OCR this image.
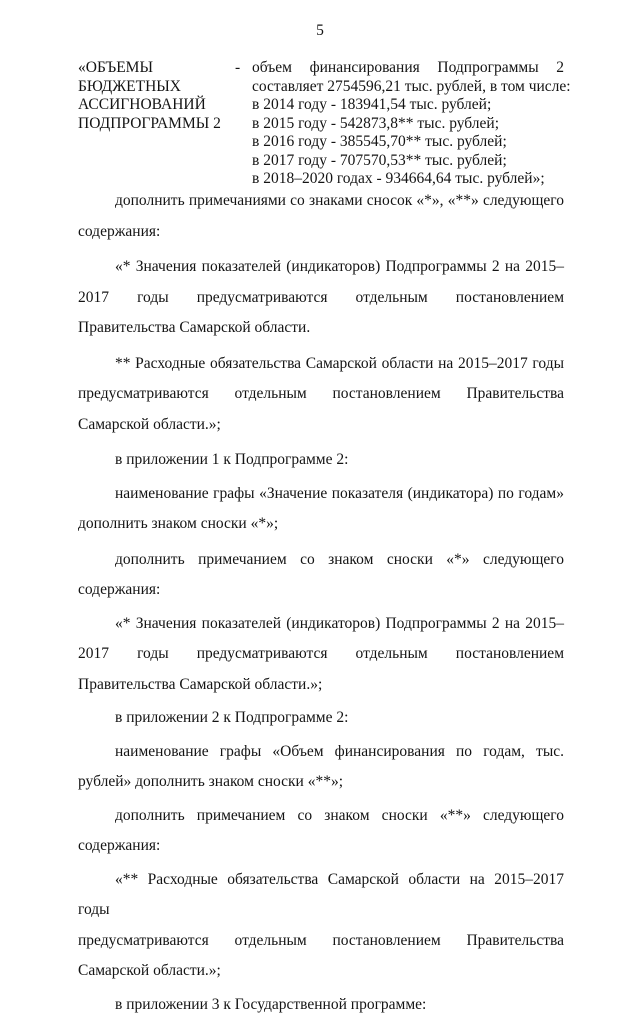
5
«ОБЪЕМЫ
БЮДЖЕТНЫХ
АССИГНОВАНИЙ
ПОДПРОГРАММЫ 2
- объем финансирования Подпрограммы 2
составляет 2754596,21 тыс. рублей, в том числе:
в 2014 году - 183941,54 тыс. рублей;
в 2015 году - 542873,8** тыс. рублей;
в 2016 году - 385545,70** тыс. рублей;
в 2017 году - 707570,53** тыс. рублей;
в 2018–2020 годах - 934664,64 тыс. рублей»;

дополнить примечаниями со знаками сносок «*», «**» следующего
содержания:

«* Значения показателей (индикаторов) Подпрограммы 2 на 2015–
2017 годы предусматриваются отдельным постановлением Правительства Самарской области.

** Расходные обязательства Самарской области на 2015–2017 годы
предусматриваются отдельным постановлением Правительства Самарской области.»;

в приложении 1 к Подпрограмме 2:

наименование графы «Значение показателя (индикатора) по годам»
дополнить знаком сноски «*»;

дополнить примечанием со знаком сноски «*» следующего
содержания:

«* Значения показателей (индикаторов) Подпрограммы 2 на 2015–
2017 годы предусматриваются отдельным постановлением Правительства Самарской области.»;

в приложении 2 к Подпрограмме 2:

наименование графы «Объем финансирования по годам, тыс.
рублей» дополнить знаком сноски «**»;

дополнить примечанием со знаком сноски «**» следующего
содержания:

«** Расходные обязательства Самарской области на 2015–2017 годы
предусматриваются отдельным постановлением Правительства Самарской области.»;

в приложении 3 к Государственной программе:
